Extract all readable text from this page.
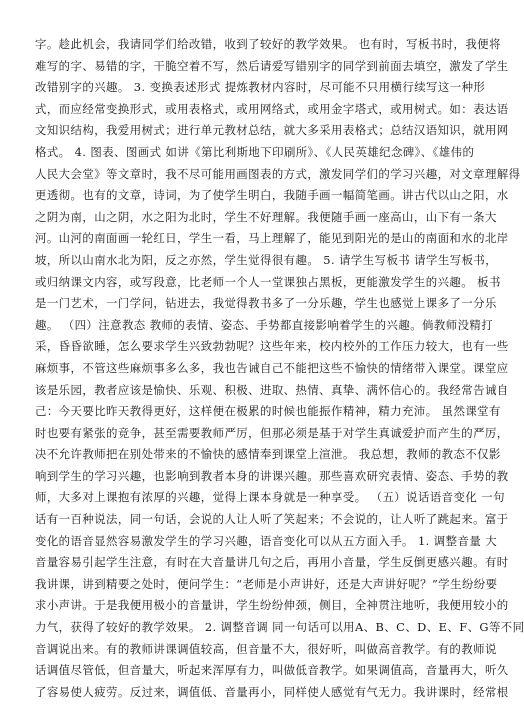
字。趁此机会，我请同学们给改错，收到了较好的教学效果。 也有时，写板书时，我便将
难写的字、易错的字，干脆空着不写，然后请爱写错别字的同学到前面去填空，激发了学生
改错别字的兴趣。 3. 变换表述形式 提炼教材内容时，尽可能不只用横行续写这一种形
式，而应经常变换形式，或用表格式，或用网络式，或用金字塔式，或用树式。如：表达语
文知识结构，我爱用树式；进行单元教材总结，就大多采用表格式；总结汉语知识，就用网
格式。 4. 图表、图画式 如讲《第比利斯地下印刷所》、《人民英雄纪念碑》、《雄伟的
人民大会堂》等文章时，我不尽可能用画图表的方式，激发同学们的学习兴趣，对文章理解得
更透彻。也有的文章，诗词，为了使学生明白，我随手画一幅简笔画。讲古代以山之阳，水
之阴为南，山之阴，水之阳为北时，学生不好理解。我便随手画一座高山，山下有一条大
河。山河的南面画一轮红日，学生一看，马上理解了，能见到阳光的是山的南面和水的北岸
坡，所以山南水北为阳，反之亦然，学生觉得很有趣。 5. 请学生写板书 请学生写板书，
或归纳课文内容，或写段意，比老师一个人一堂课独占黑板，更能激发学生的兴趣。 板书
是一门艺术，一门学问，钻进去，我觉得教书多了一分乐趣，学生也感觉上课多了一分乐
趣。 （四）注意教态 教师的表情、姿态、手势都直接影响着学生的兴趣。倘教师没精打
采，昏昏欲睡，怎么要求学生兴致勃勃呢？这些年来，校内校外的工作压力较大，也有一些
麻烦事，不管这些麻烦事多么多，我也告诫自己不能把这些不愉快的情绪带入课堂。课堂应
该是乐园，教者应该是愉快、乐观、积极、进取、热情、真挚、满怀信心的。我经常告诫自
己：今天要比昨天教得更好，这样便在极累的时候也能振作精神，精力充沛。 虽然课堂有
时也要有紧张的竞争，甚至需要教师严厉，但那必须是基于对学生真诚爱护而产生的严厉，
决不允许教师把在别处带来的不愉快的感情奉到课堂上渲泄。 我总想，教师的教态不仅影
响到学生的学习兴趣，也影响到教者本身的讲课兴趣。那些喜欢研究表情、姿态、手势的教
师，大多对上课抱有浓厚的兴趣，觉得上课本身就是一种享受。 （五）说话语音变化 一句
话有一百种说法，同一句话，会说的人让人听了笑起来；不会说的，让人听了跳起来。富于
变化的语音显然容易激发学生的学习兴趣，语音变化可以从五方面入手。 1. 调整音量 大
音量容易引起学生注意，有时在大音量讲几句之后，再用小音量，学生反倒更感兴趣。有时
我讲课，讲到精要之处时，便问学生：“老师是小声讲好，还是大声讲好呢？”学生纷纷要
求小声讲。于是我便用极小的音量讲，学生纷纷伸颈，侧目，全神贯注地听，我便用较小的
力气，获得了较好的教学效果。 2. 调整音调 同一句话可以用A、B、C、D、E、F、G等不同
音调说出来。有的教师讲课调值较高，但音量不大，很好听，叫做高音教学。有的教师说
话调值尽管低，但音量大，听起来浑厚有力，叫做低音教学。如果调值高，音量再大，听久
了容易使人疲劳。反过来，调值低、音量再小，同样使人感觉有气无力。我讲课时，经常根
